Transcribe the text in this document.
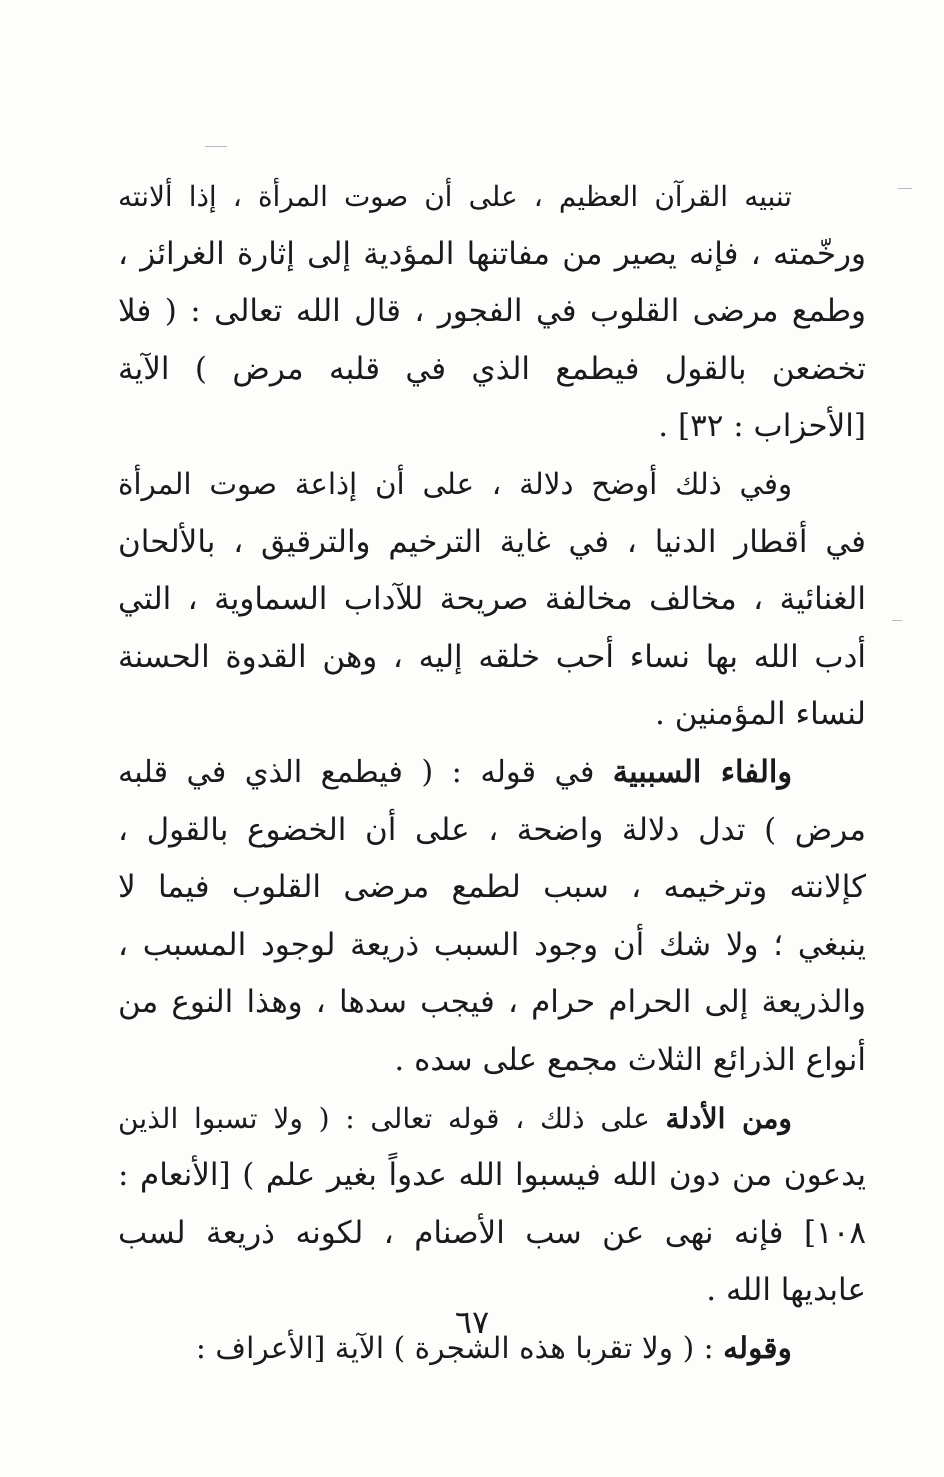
تنبيه القرآن العظيم ، على أن صوت المرأة ، إذا ألانته
ورخّمته ، فإنه يصير من مفاتنها المؤدية إلى إثارة الغرائز ،
وطمع مرضى القلوب في الفجور ، قال الله تعالى : ( فلا
تخضعن بالقول فيطمع الذي في قلبه مرض ) الآية
[الأحزاب : ٣٢] .

وفي ذلك أوضح دلالة ، على أن إذاعة صوت المرأة
في أقطار الدنيا ، في غاية الترخيم والترقيق ، بالألحان
الغنائية ، مخالف مخالفة صريحة للآداب السماوية ، التي
أدب الله بها نساء أحب خلقه إليه ، وهن القدوة الحسنة
لنساء المؤمنين .

والفاء السببية في قوله : ( فيطمع الذي في قلبه
مرض ) تدل دلالة واضحة ، على أن الخضوع بالقول ،
كإلانته وترخيمه ، سبب لطمع مرضى القلوب فيما لا
ينبغي ؛ ولا شك أن وجود السبب ذريعة لوجود المسبب ،
والذريعة إلى الحرام حرام ، فيجب سدها ، وهذا النوع من
أنواع الذرائع الثلاث مجمع على سده .

ومن الأدلة على ذلك ، قوله تعالى : ( ولا تسبوا الذين
يدعون من دون الله فيسبوا الله عدواً بغير علم ) [الأنعام :
١٠٨] فإنه نهى عن سب الأصنام ، لكونه ذريعة لسب
عابديها الله .

وقوله : ( ولا تقربا هذه الشجرة ) الآية [الأعراف :

٦٧
